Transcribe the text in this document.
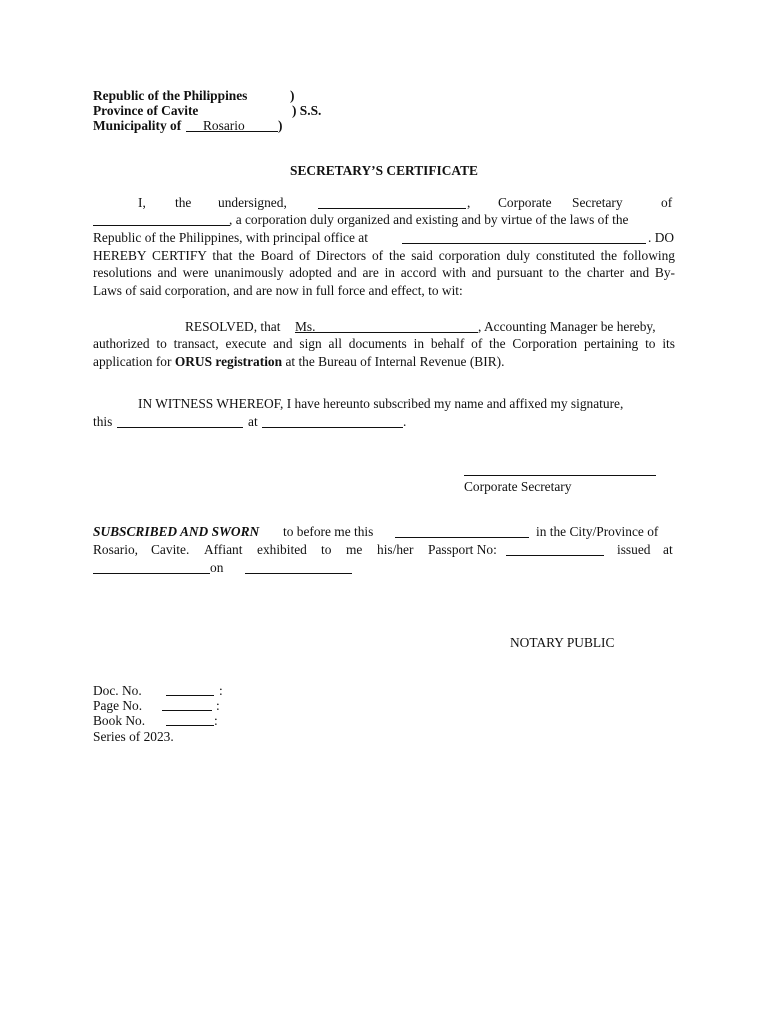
Republic of the Philippines	)
Province of Cavite	) S.S.
Municipality of Rosario )
SECRETARY’S CERTIFICATE
I, the undersigned,	, Corporate Secretary	of
, a corporation duly organized and existing and by virtue of the laws of the
Republic of the Philippines, with principal office at	. DO
HEREBY CERTIFY that the Board of Directors of the said corporation duly constituted the following
resolutions and were unanimously adopted and are in accord with and pursuant to the charter and By-
Laws of said corporation, and are now in full force and effect, to wit:
RESOLVED, that Ms.	, Accounting Manager be hereby,
authorized to transact, execute and sign all documents in behalf of the Corporation pertaining to its
application for ORUS registration at the Bureau of Internal Revenue (BIR).
IN WITNESS WHEREOF, I have hereunto subscribed my name and affixed my signature,
this	at	.
Corporate Secretary
SUBSCRIBED AND SWORN to before me this	in the City/Province of
Rosario, Cavite. Affiant exhibited to me his/her Passport No:	issued at
on
NOTARY PUBLIC
Doc. No.	:
Page No.	:
Book No.	:
Series of 2023.
